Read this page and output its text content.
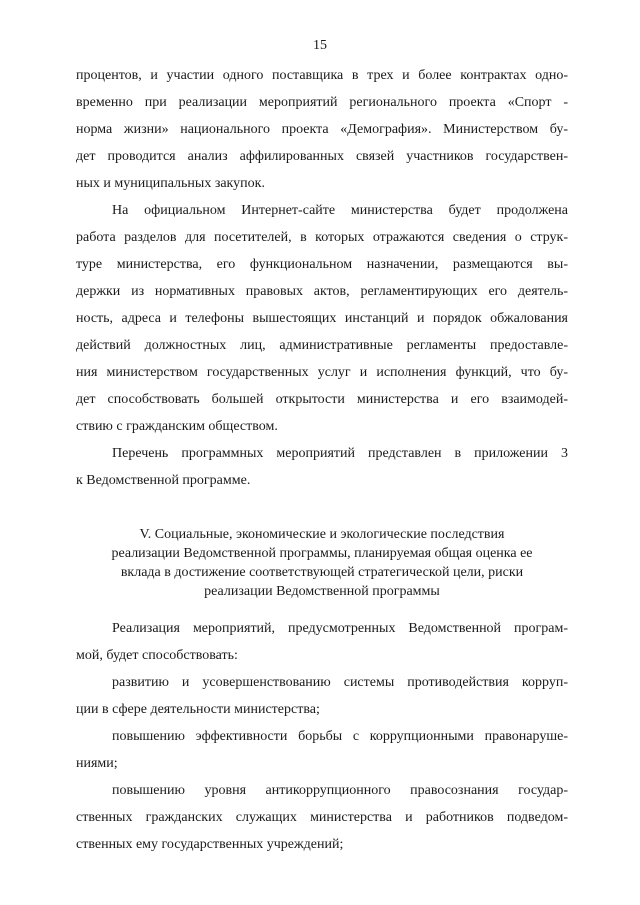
15
процентов, и участии одного поставщика в трех и более контрактах одно-
временно при реализации мероприятий регионального проекта «Спорт -
норма жизни» национального проекта «Демография». Министерством бу-
дет проводится анализ аффилированных связей участников государствен-
ных и муниципальных закупок.
На официальном Интернет-сайте министерства будет продолжена
работа разделов для посетителей, в которых отражаются сведения о струк-
туре министерства, его функциональном назначении, размещаются вы-
держки из нормативных правовых актов, регламентирующих его деятель-
ность, адреса и телефоны вышестоящих инстанций и порядок обжалования
действий должностных лиц, административные регламенты предоставле-
ния министерством государственных услуг и исполнения функций, что бу-
дет способствовать большей открытости министерства и его взаимодей-
ствию с гражданским обществом.
Перечень программных мероприятий представлен в приложении 3
к Ведомственной программе.
V. Социальные, экономические и экологические последствия
реализации Ведомственной программы, планируемая общая оценка ее
вклада в достижение соответствующей стратегической цели, риски
реализации Ведомственной программы
Реализация мероприятий, предусмотренных Ведомственной програм-
мой, будет способствовать:
развитию и усовершенствованию системы противодействия корруп-
ции в сфере деятельности министерства;
повышению эффективности борьбы с коррупционными правонаруше-
ниями;
повышению уровня антикоррупционного правосознания государ-
ственных гражданских служащих министерства и работников подведом-
ственных ему государственных учреждений;
